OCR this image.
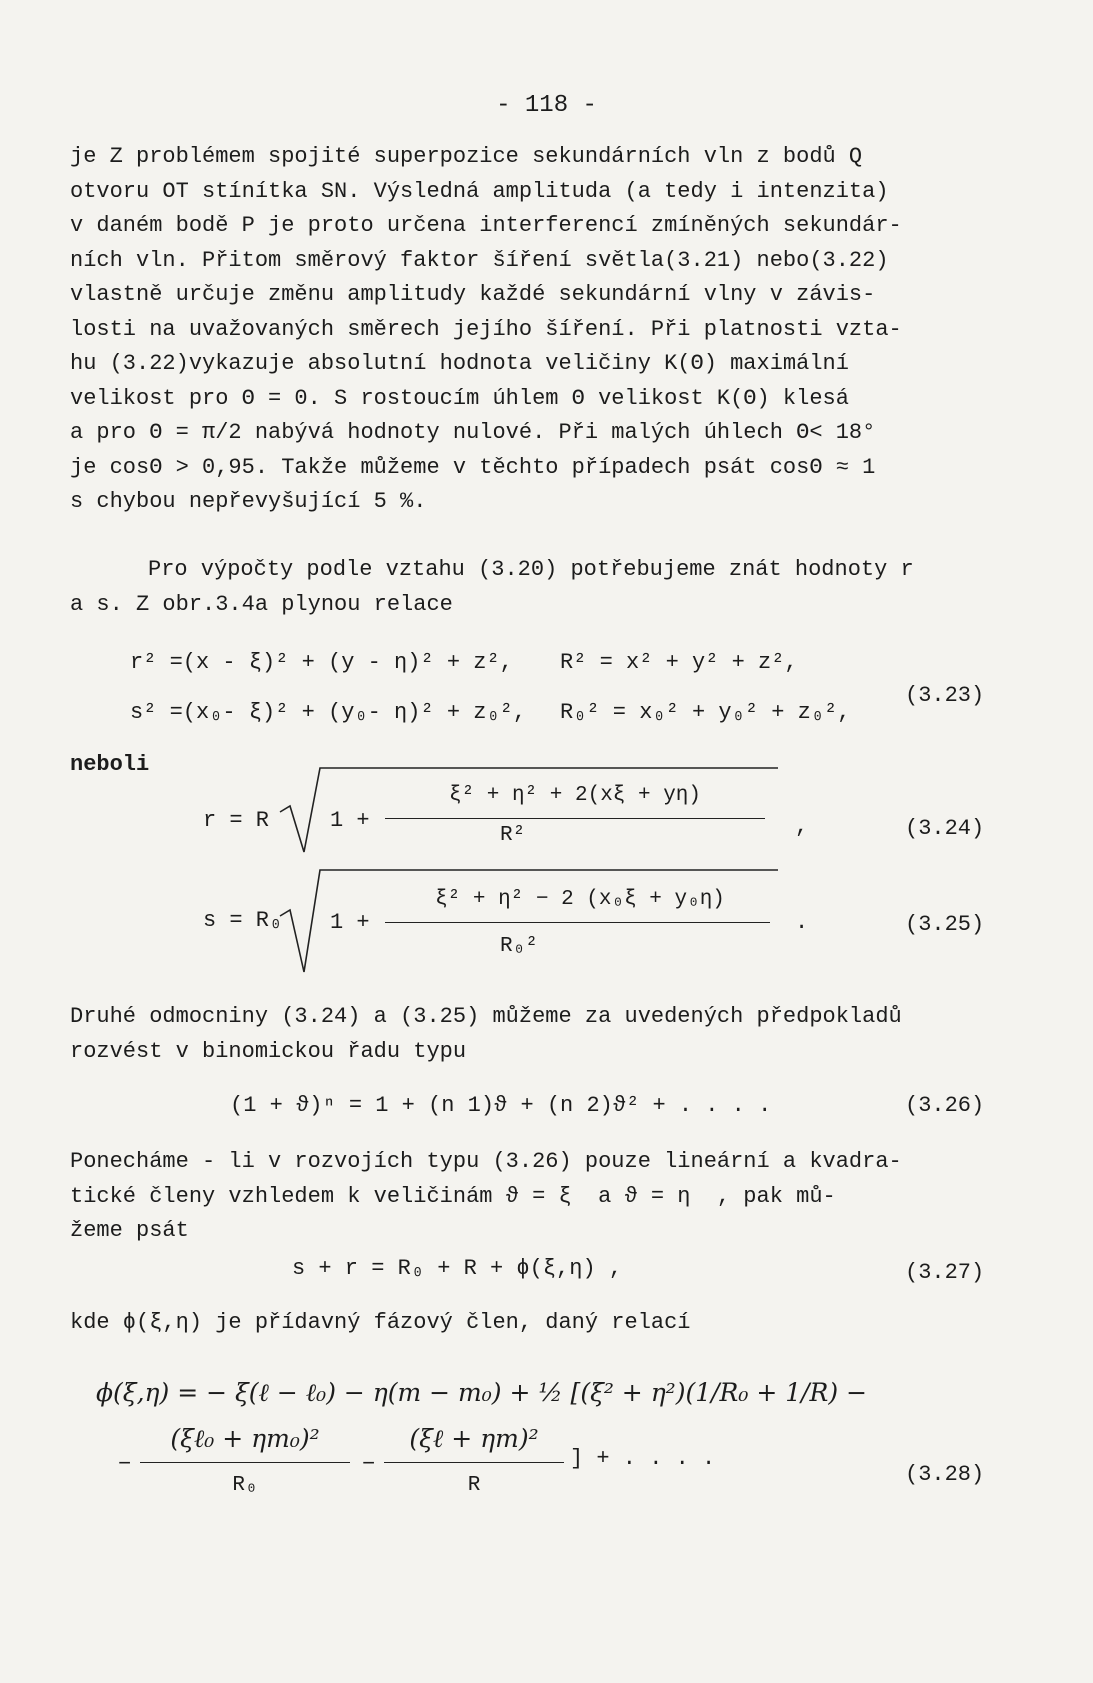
- 118 -
je Z problémem spojité superpozice sekundárních vln z bodů Q
otvoru OT stínítka SN. Výsledná amplituda (a tedy i intenzita)
v daném bodě P je proto určena interferencí zmíněných sekundár-
ních vln. Přitom směrový faktor šíření světla(3.21) nebo(3.22)
vlastně určuje změnu amplitudy každé sekundární vlny v závis-
losti na uvažovaných směrech jejího šíření. Při platnosti vzta-
hu (3.22)vykazuje absolutní hodnota veličiny K(Θ) maximální
velikost pro Θ = 0. S rostoucím úhlem Θ velikost K(Θ) klesá
a pro Θ = π/2 nabývá hodnoty nulové. Při malých úhlech Θ< 18°
je cosΘ > 0,95. Takže můžeme v těchto případech psát cosΘ ≈ 1
s chybou nepřevyšující 5 %.
Pro výpočty podle vztahu (3.20) potřebujeme znát hodnoty r
a s. Z obr.3.4a plynou relace
r² =(x - ξ)² + (y - η)² + z², R² = x² + y² + z²,
s² =(x₀- ξ)² + (y₀- η)² + z₀², R₀² = x₀² + y₀² + z₀²,
(3.23)
neboli
r = R	1 +
ξ² + η² + 2(xξ + yη)
R²	,	(3.24)
s = R₀ 1 +
ξ² + η² − 2 (x₀ξ + y₀η)
R₀²
.	(3.25)
Druhé odmocniny (3.24) a (3.25) můžeme za uvedených předpokladů
rozvést v binomickou řadu typu
(1 + ϑ)ⁿ = 1 + (n 1)ϑ + (n 2)ϑ² + . . . .	(3.26)
Ponecháme - li v rozvojích typu (3.26) pouze lineární a kvadra-
tické členy vzhledem k veličinám ϑ = ξ  a ϑ = η  , pak mů-
žeme psát
s + r = R₀ + R + ϕ(ξ,η) ,	(3.27)
kde ϕ(ξ,η) je přídavný fázový člen, daný relací
ϕ(ξ,η) = − ξ(ℓ − ℓ₀) − η(m − m₀) + ½ [(ξ² + η²)(1/R₀ + 1/R) −
−
(ξℓ₀ + ηm₀)²
R₀
−
(ξℓ + ηm)²
R
] + . . . .
(3.28)
